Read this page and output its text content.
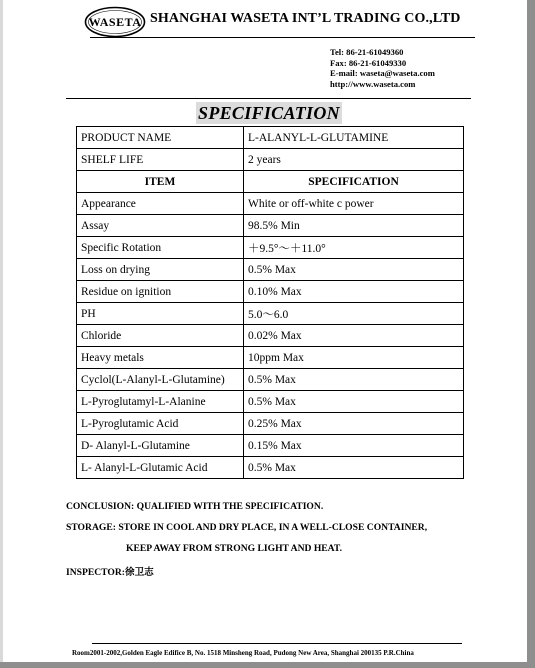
WASETA SHANGHAI WASETA INT’L TRADING CO.,LTD
Tel: 86-21-61049360
Fax: 86-21-61049330
E-mail: waseta@waseta.com
http://www.waseta.com
SPECIFICATION
PRODUCT NAME	L-ALANYL-L-GLUTAMINE
SHELF LIFE	2 years
ITEM	SPECIFICATION
Appearance	White or off-white c power
Assay	98.5% Min
Specific Rotation	＋9.5°～＋11.0°
Loss on drying	0.5% Max
Residue on ignition	0.10% Max
PH	5.0～6.0
Chloride	0.02% Max
Heavy metals	10ppm Max
Cyclol(L-Alanyl-L-Glutamine)	0.5% Max
L-Pyroglutamyl-L-Alanine	0.5% Max
L-Pyroglutamic Acid	0.25% Max
D- Alanyl-L-Glutamine	0.15% Max
L- Alanyl-L-Glutamic Acid	0.5% Max
CONCLUSION: QUALIFIED WITH THE SPECIFICATION.
STORAGE: STORE IN COOL AND DRY PLACE, IN A WELL-CLOSE CONTAINER,
KEEP AWAY FROM STRONG LIGHT AND HEAT.
INSPECTOR:徐卫志
Room2001-2002,Golden Eagle Edifice B, No. 1518 Minsheng Road, Pudong New Area, Shanghai 200135 P.R.China
